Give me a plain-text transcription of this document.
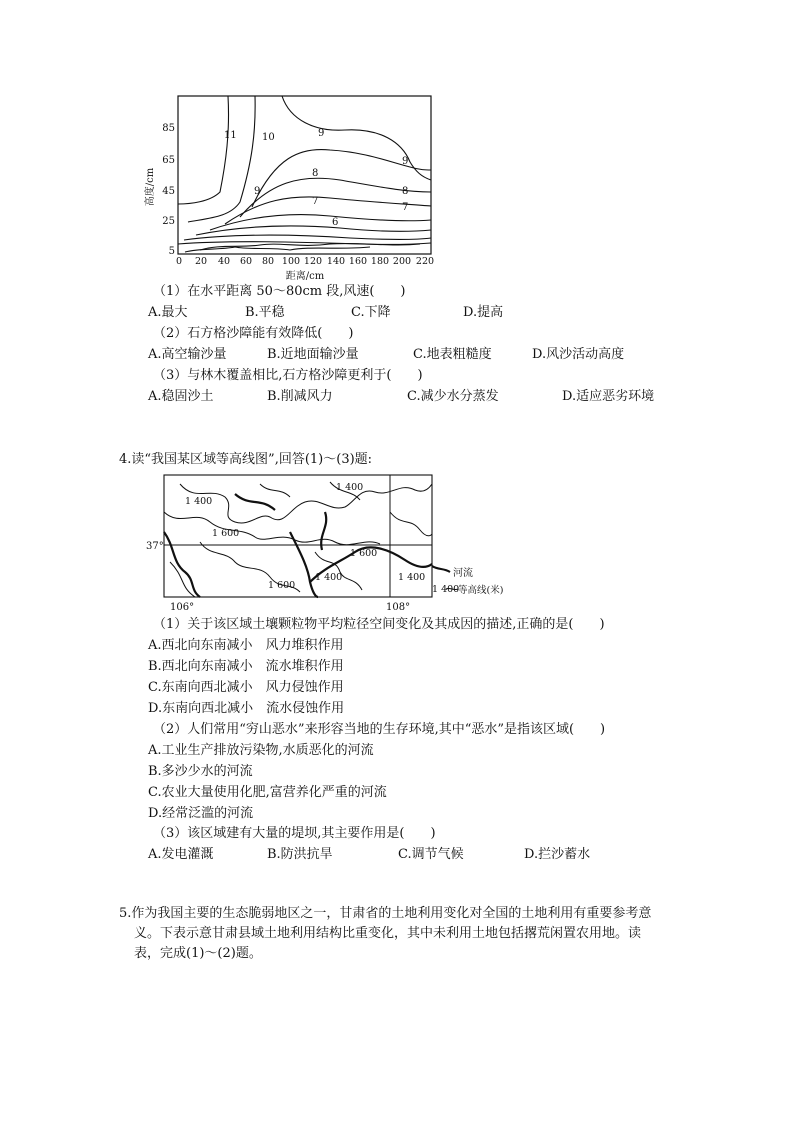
高度/cm
85
65
45
25
5
11	10	9
9
8
8
7
7
6
9
0 20 40 60 80 100 120 140 160 180 200 220
距离/cm
（1）在水平距离 50～80cm 段,风速(　　)
A.最大	B.平稳	C.下降	D.提高
（2）石方格沙障能有效降低(　　)
A.高空输沙量	B.近地面输沙量	C.地表粗糙度	D.风沙活动高度
（3）与林木覆盖相比,石方格沙障更利于(　　)
A.稳固沙土	B.削减风力	C.减少水分蒸发	D.适应恶劣环境
4.读“我国某区域等高线图”,回答(1)～(3)题:
37°
106°	108°
1 400
1 400
1 600
1 600
1 600
1 400	1 400	河流
1 400
等高线(米)
（1）关于该区域土壤颗粒物平均粒径空间变化及其成因的描述,正确的是(　　)
A.西北向东南减小　风力堆积作用
B.西北向东南减小　流水堆积作用
C.东南向西北减小　风力侵蚀作用
D.东南向西北减小　流水侵蚀作用
（2）人们常用“穷山恶水”来形容当地的生存环境,其中“恶水”是指该区域(　　)
A.工业生产排放污染物,水质恶化的河流
B.多沙少水的河流
C.农业大量使用化肥,富营养化严重的河流
D.经常泛滥的河流
（3）该区域建有大量的堤坝,其主要作用是(　　)
A.发电灌溉	B.防洪抗旱	C.调节气候	D.拦沙蓄水
5.作为我国主要的生态脆弱地区之一，甘肃省的土地利用变化对全国的土地利用有重要参考意
义。下表示意甘肃县域土地利用结构比重变化，其中未利用土地包括撂荒闲置农用地。读
表，完成(1)～(2)题。
